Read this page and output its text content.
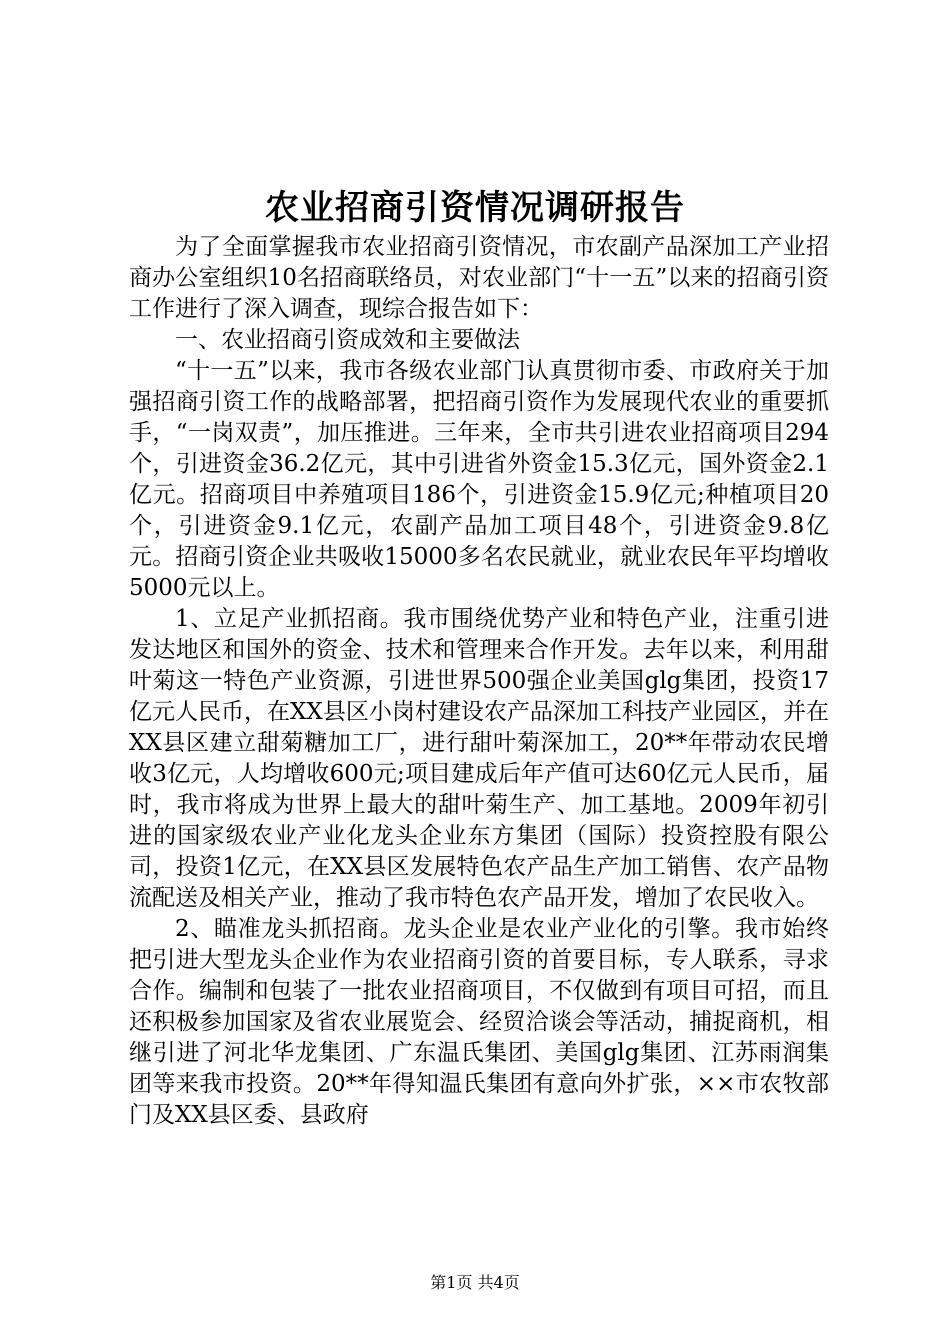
农业招商引资情况调研报告

为了全面掌握我市农业招商引资情况，市农副产品深加工产业招商办公室组织10名招商联络员，对农业部门“十一五”以来的招商引资工作进行了深入调查，现综合报告如下：

一、农业招商引资成效和主要做法

“十一五”以来，我市各级农业部门认真贯彻市委、市政府关于加强招商引资工作的战略部署，把招商引资作为发展现代农业的重要抓手，“一岗双责”，加压推进。三年来，全市共引进农业招商项目294个，引进资金36.2亿元，其中引进省外资金15.3亿元，国外资金2.1亿元。招商项目中养殖项目186个，引进资金15.9亿元;种植项目20个，引进资金9.1亿元，农副产品加工项目48个，引进资金9.8亿元。招商引资企业共吸收15000多名农民就业，就业农民年平均增收5000元以上。

1、立足产业抓招商。我市围绕优势产业和特色产业，注重引进发达地区和国外的资金、技术和管理来合作开发。去年以来，利用甜叶菊这一特色产业资源，引进世界500强企业美国glg集团，投资17亿元人民币，在XX县区小岗村建设农产品深加工科技产业园区，并在XX县区建立甜菊糖加工厂，进行甜叶菊深加工，20**年带动农民增收3亿元，人均增收600元;项目建成后年产值可达60亿元人民币，届时，我市将成为世界上最大的甜叶菊生产、加工基地。2009年初引进的国家级农业产业化龙头企业东方集团（国际）投资控股有限公司，投资1亿元，在XX县区发展特色农产品生产加工销售、农产品物流配送及相关产业，推动了我市特色农产品开发，增加了农民收入。

2、瞄准龙头抓招商。龙头企业是农业产业化的引擎。我市始终把引进大型龙头企业作为农业招商引资的首要目标，专人联系，寻求合作。编制和包装了一批农业招商项目，不仅做到有项目可招，而且还积极参加国家及省农业展览会、经贸洽谈会等活动，捕捉商机，相继引进了河北华龙集团、广东温氏集团、美国glg集团、江苏雨润集团等来我市投资。20**年得知温氏集团有意向外扩张，××市农牧部门及XX县区委、县政府

第1页 共4页
